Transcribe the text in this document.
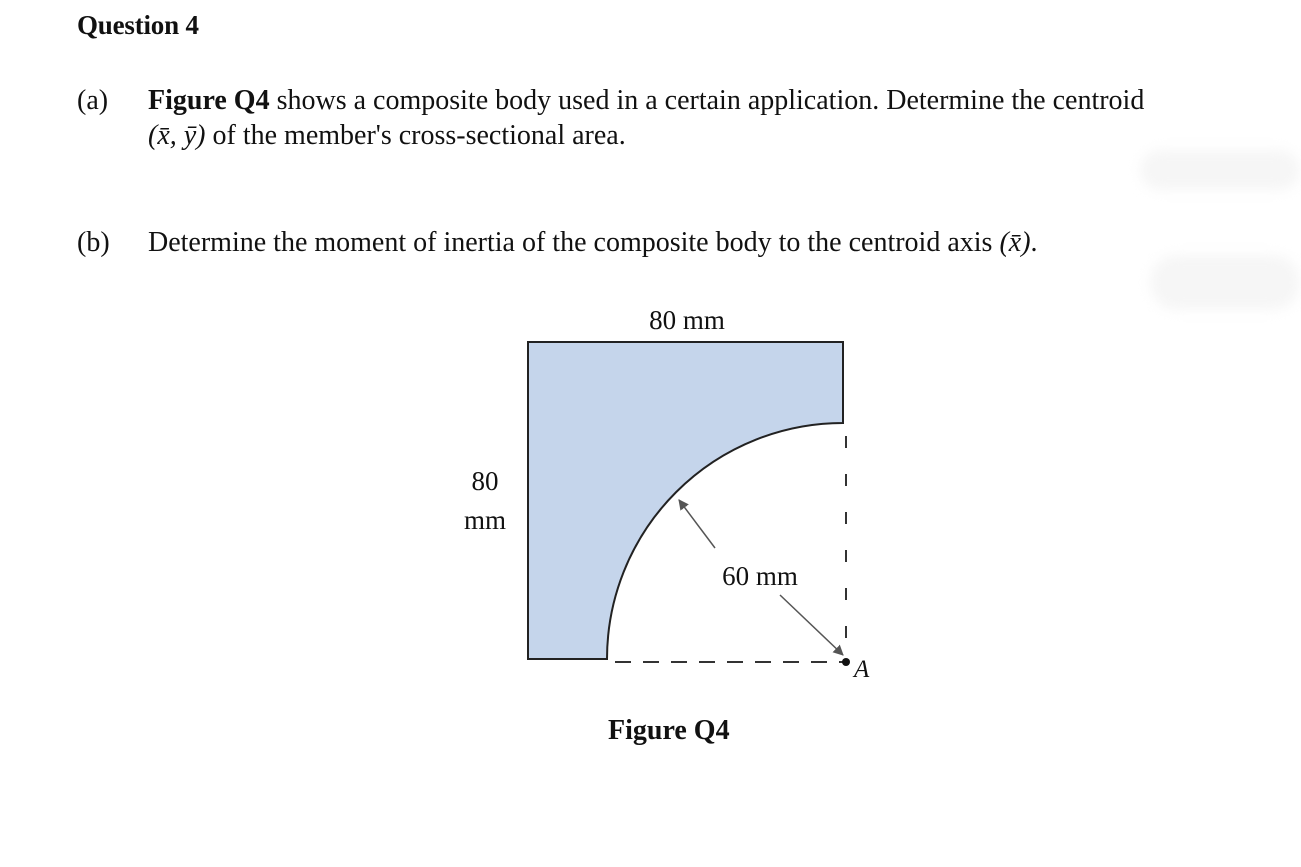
Question 4
(a) Figure Q4 shows a composite body used in a certain application. Determine the centroid
(x̄, ȳ) of the member's cross-sectional area.
(b) Determine the moment of inertia of the composite body to the centroid axis (x̄).
80 mm
80
mm
60 mm
A
Figure Q4
